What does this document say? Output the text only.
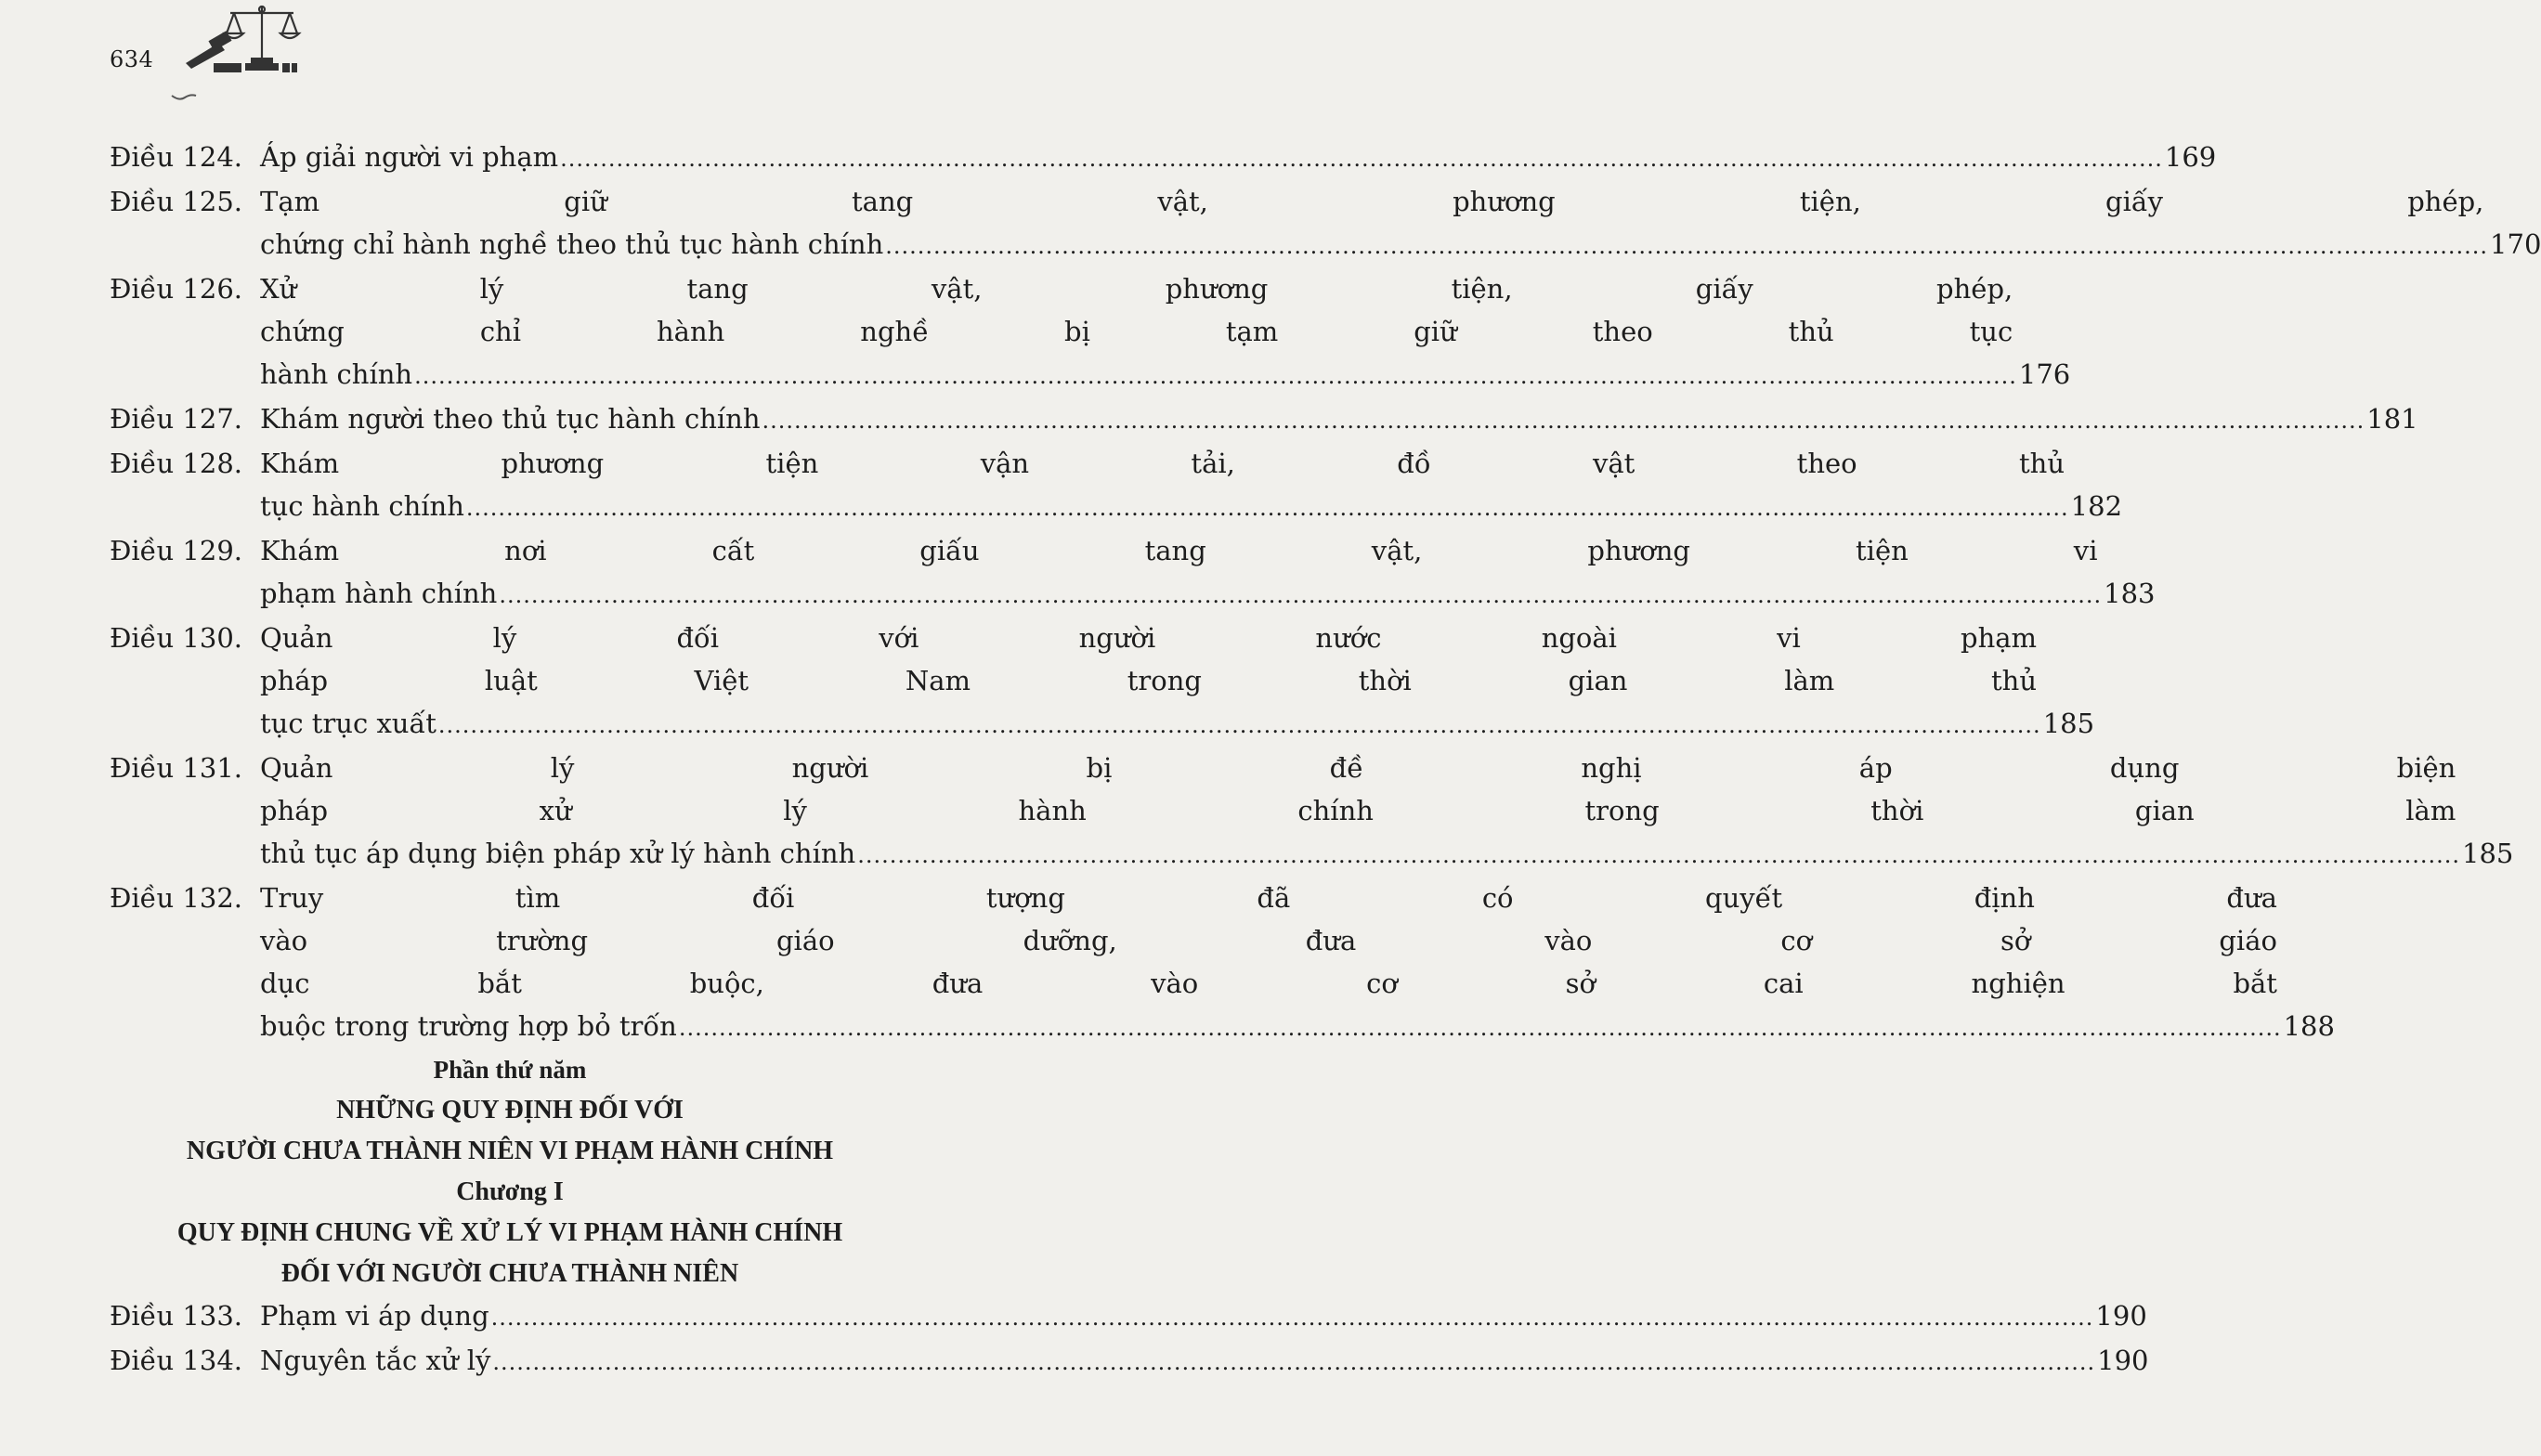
634
Điều 124. Áp giải người vi phạm .....	169
Điều 125. Tạm giữ tang vật, phương tiện, giấy phép,
chứng chỉ hành nghề theo thủ tục hành chính .....	170
Điều 126. Xử lý tang vật, phương tiện, giấy phép,
chứng chỉ hành nghề bị tạm giữ theo thủ tục
hành chính .....	176
Điều 127. Khám người theo thủ tục hành chính .....	181
Điều 128. Khám phương tiện vận tải, đồ vật theo thủ
tục hành chính .....	182
Điều 129. Khám nơi cất giấu tang vật, phương tiện vi
phạm hành chính .....	183
Điều 130. Quản lý đối với người nước ngoài vi phạm
pháp luật Việt Nam trong thời gian làm thủ
tục trục xuất .....	185
Điều 131. Quản lý người bị đề nghị áp dụng biện
pháp xử lý hành chính trong thời gian làm
thủ tục áp dụng biện pháp xử lý hành chính .....	185
Điều 132. Truy tìm đối tượng đã có quyết định đưa
vào trường giáo dưỡng, đưa vào cơ sở giáo
dục bắt buộc, đưa vào cơ sở cai nghiện bắt
buộc trong trường hợp bỏ trốn .....	188
Phần thứ năm
NHỮNG QUY ĐỊNH ĐỐI VỚI
NGƯỜI CHƯA THÀNH NIÊN VI PHẠM HÀNH CHÍNH
Chương I
QUY ĐỊNH CHUNG VỀ XỬ LÝ VI PHẠM HÀNH CHÍNH
ĐỐI VỚI NGƯỜI CHƯA THÀNH NIÊN
Điều 133. Phạm vi áp dụng .....	190
Điều 134. Nguyên tắc xử lý .....	190
